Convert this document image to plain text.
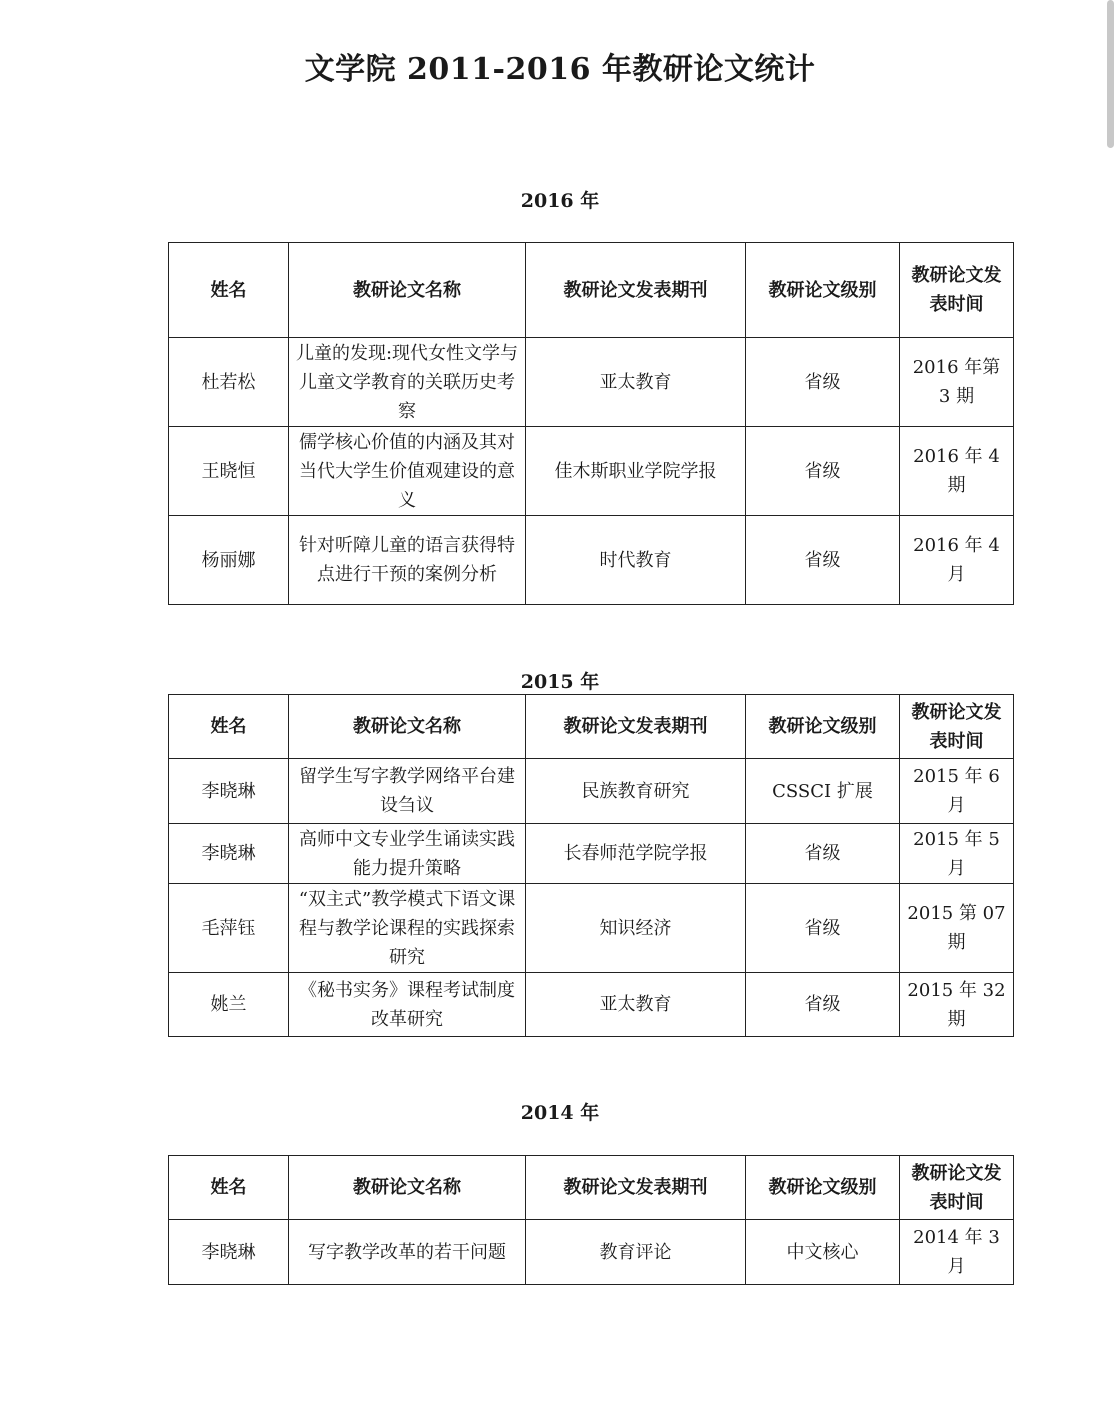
文学院 2011-2016 年教研论文统计
2016 年
姓名	教研论文名称	教研论文发表期刊	教研论文级别	教研论文发表时间
杜若松	儿童的发现:现代女性文学与儿童文学教育的关联历史考察	亚太教育	省级	2016 年第 3 期
王晓恒	儒学核心价值的内涵及其对当代大学生价值观建设的意义	佳木斯职业学院学报	省级	2016 年 4 期
杨丽娜	针对听障儿童的语言获得特点进行干预的案例分析	时代教育	省级	2016 年 4 月
2015 年
姓名	教研论文名称	教研论文发表期刊	教研论文级别	教研论文发表时间
李晓琳	留学生写字教学网络平台建设刍议	民族教育研究	CSSCI 扩展	2015 年 6 月
李晓琳	高师中文专业学生诵读实践能力提升策略	长春师范学院学报	省级	2015 年 5 月
毛萍钰	“双主式”教学模式下语文课程与教学论课程的实践探索研究	知识经济	省级	2015 第 07 期
姚兰	《秘书实务》课程考试制度改革研究	亚太教育	省级	2015 年 32 期
2014 年
姓名	教研论文名称	教研论文发表期刊	教研论文级别	教研论文发表时间
李晓琳	写字教学改革的若干问题	教育评论	中文核心	2014 年 3 月
